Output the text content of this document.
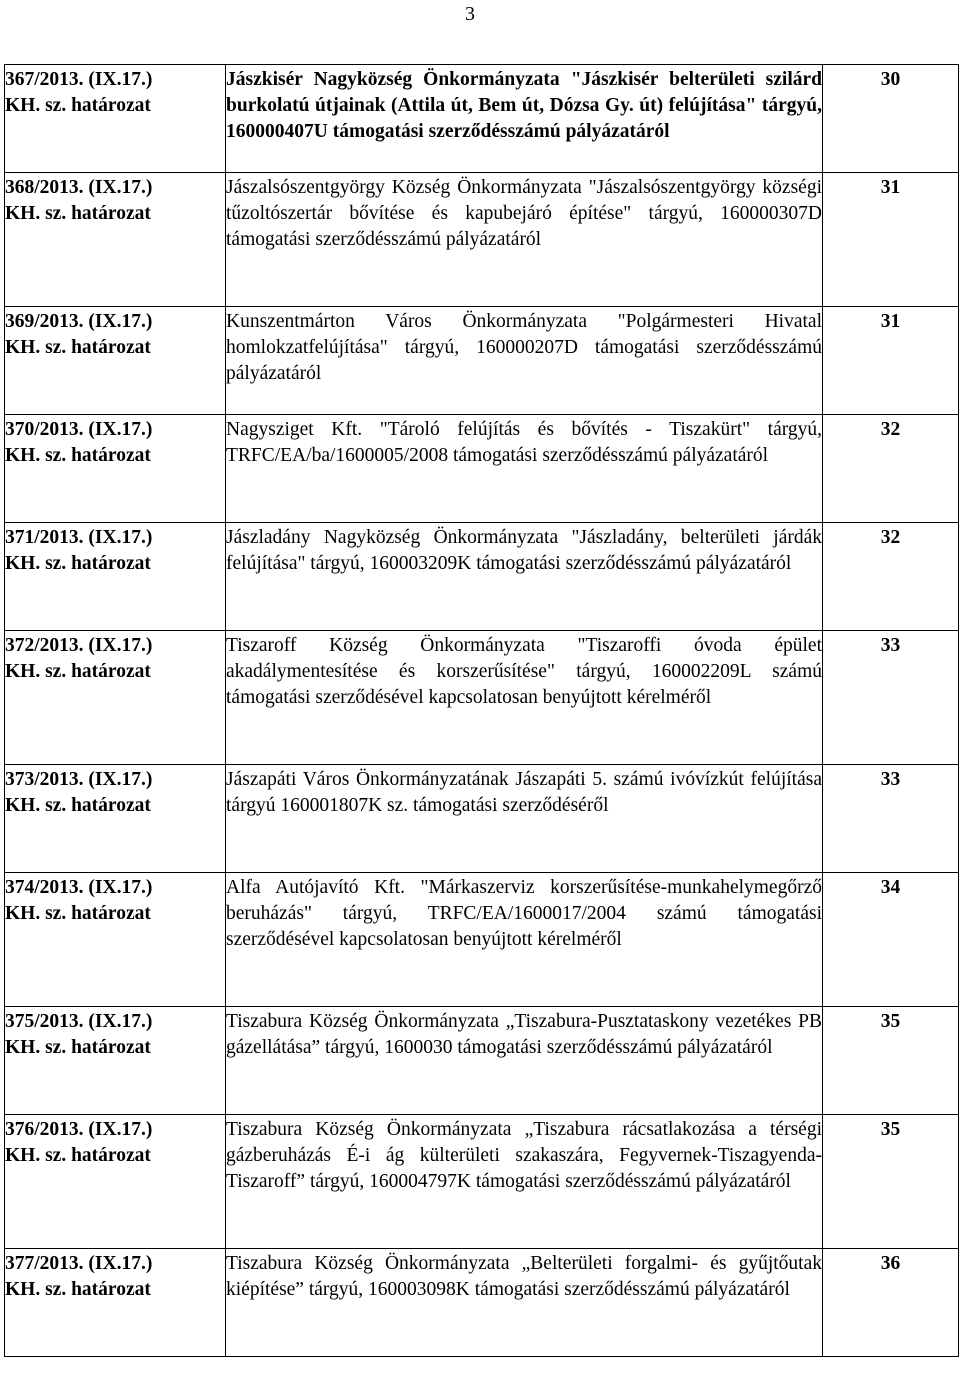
3
367/2013. (IX.17.)
KH. sz. határozat	Jászkisér Nagyközség Önkormányzata "Jászkisér belterületi szilárd burkolatú útjainak (Attila út, Bem út, Dózsa Gy. út) felújítása" tárgyú, 160000407U támogatási szerződésszámú pályázatáról	30

368/2013. (IX.17.)
KH. sz. határozat	Jászalsószentgyörgy Község Önkormányzata "Jászalsószentgyörgy községi tűzoltószertár bővítése és kapubejáró építése" tárgyú, 160000307D támogatási szerződésszámú pályázatáról	31

369/2013. (IX.17.)
KH. sz. határozat	Kunszentmárton Város Önkormányzata "Polgármesteri Hivatal homlokzatfelújítása" tárgyú, 160000207D támogatási szerződésszámú pályázatáról	31

370/2013. (IX.17.)
KH. sz. határozat	Nagysziget Kft. "Tároló felújítás és bővítés - Tiszakürt" tárgyú, TRFC/EA/ba/1600005/2008 támogatási szerződésszámú pályázatáról	32

371/2013. (IX.17.)
KH. sz. határozat	Jászladány Nagyközség Önkormányzata "Jászladány, belterületi járdák felújítása" tárgyú, 160003209K támogatási szerződésszámú pályázatáról	32

372/2013. (IX.17.)
KH. sz. határozat	Tiszaroff Község Önkormányzata "Tiszaroffi óvoda épület akadálymentesítése és korszerűsítése" tárgyú, 160002209L számú támogatási szerződésével kapcsolatosan benyújtott kérelméről	33

373/2013. (IX.17.)
KH. sz. határozat	Jászapáti Város Önkormányzatának Jászapáti 5. számú ivóvízkút felújítása tárgyú 160001807K sz. támogatási szerződéséről	33

374/2013. (IX.17.)
KH. sz. határozat	Alfa Autójavító Kft. "Márkaszerviz korszerűsítése-munkahelymegőrző beruházás" tárgyú, TRFC/EA/1600017/2004 számú támogatási szerződésével kapcsolatosan benyújtott kérelméről	34

375/2013. (IX.17.)
KH. sz. határozat	Tiszabura Község Önkormányzata „Tiszabura-Pusztataskony vezetékes PB gázellátása” tárgyú, 1600030 támogatási szerződésszámú pályázatáról	35

376/2013. (IX.17.)
KH. sz. határozat	Tiszabura Község Önkormányzata „Tiszabura rácsatlakozása a térségi gázberuházás É-i ág külterületi szakaszára, Fegyvernek-Tiszagyenda-Tiszaroff” tárgyú, 160004797K támogatási szerződésszámú pályázatáról	35

377/2013. (IX.17.)
KH. sz. határozat	Tiszabura Község Önkormányzata „Belterületi forgalmi- és gyűjtőutak kiépítése” tárgyú, 160003098K támogatási szerződésszámú pályázatáról	36
